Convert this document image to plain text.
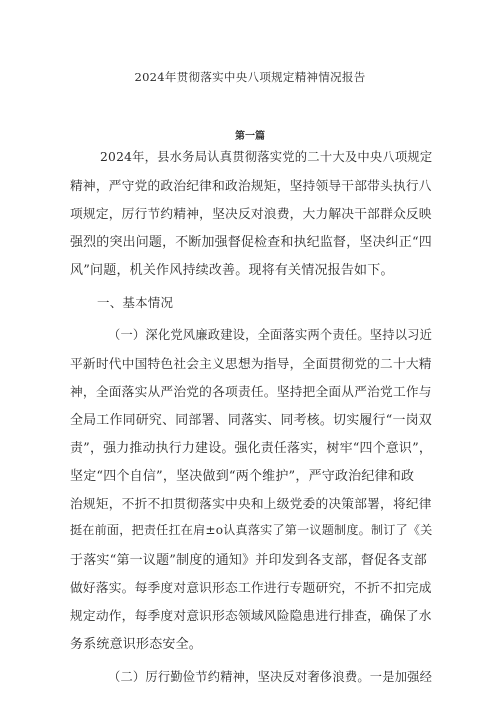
2024年贯彻落实中央八项规定精神情况报告
第一篇
2024年，县水务局认真贯彻落实党的二十大及中央八项规定
精神，严守党的政治纪律和政治规矩，坚持领导干部带头执行八
项规定，厉行节约精神，坚决反对浪费，大力解决干部群众反映
强烈的突出问题，不断加强督促检查和执纪监督，坚决纠正“四
风”问题，机关作风持续改善。现将有关情况报告如下。
一、基本情况
（一）深化党风廉政建设，全面落实两个责任。坚持以习近
平新时代中国特色社会主义思想为指导，全面贯彻党的二十大精
神，全面落实从严治党的各项责任。坚持把全面从严治党工作与
全局工作同研究、同部署、同落实、同考核。切实履行“一岗双
责”，强力推动执行力建设。强化责任落实，树牢“四个意识”，
坚定“四个自信”，坚决做到“两个维护”，严守政治纪律和政
治规矩，不折不扣贯彻落实中央和上级党委的决策部署，将纪律
挺在前面，把责任扛在肩±o认真落实了第一议题制度。制订了《关
于落实“第一议题”制度的通知》并印发到各支部，督促各支部
做好落实。每季度对意识形态工作进行专题研究，不折不扣完成
规定动作，每季度对意识形态领域风险隐患进行排查，确保了水
务系统意识形态安全。
（二）厉行勤俭节约精神，坚决反对奢侈浪费。一是加强经
